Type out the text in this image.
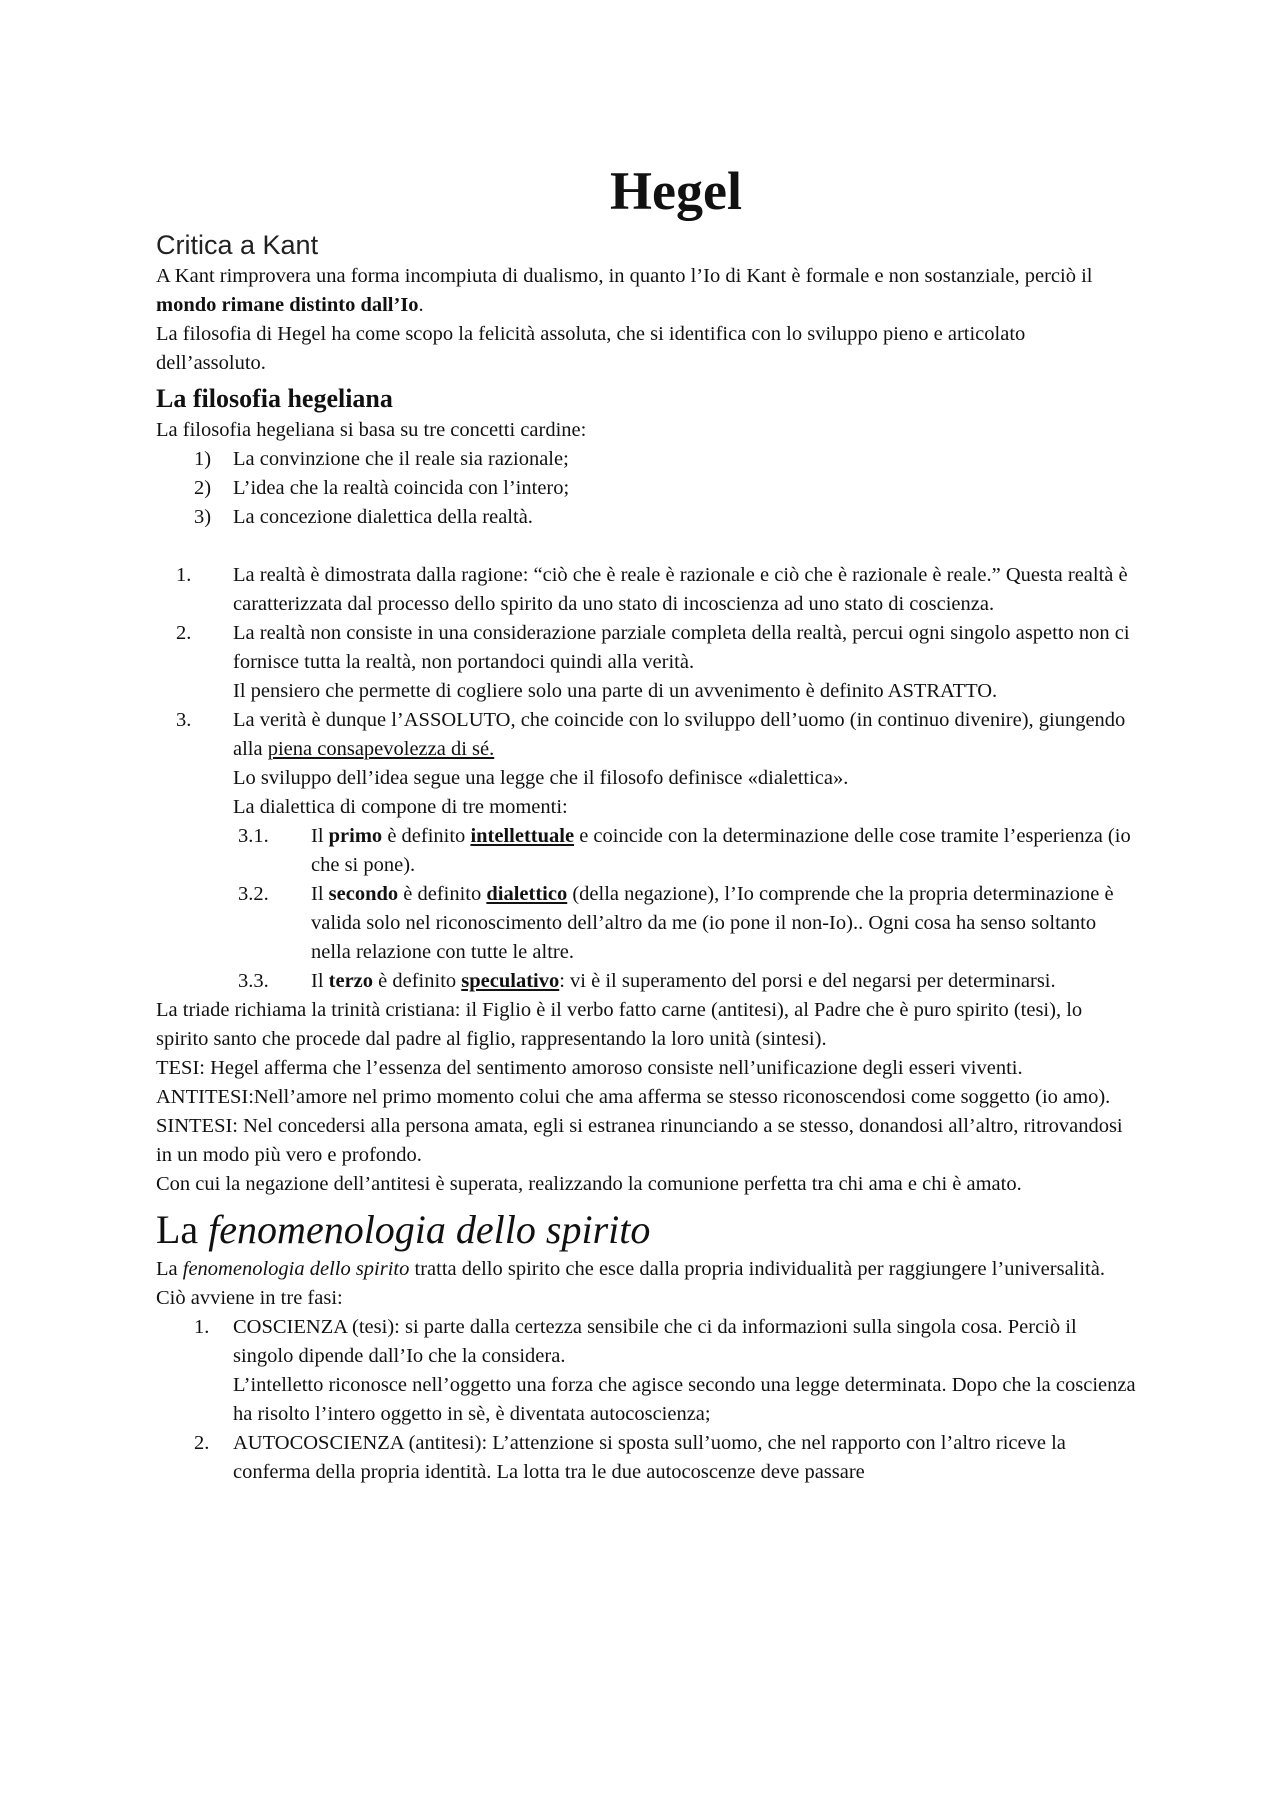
Hegel
Critica a Kant

A Kant rimprovera una forma incompiuta di dualismo, in quanto l’Io di Kant è formale e non sostanziale, perciò il mondo rimane distinto dall’Io.

La filosofia di Hegel ha come scopo la felicità assoluta, che si identifica con lo sviluppo pieno e articolato dell’assoluto.

La filosofia hegeliana

La filosofia hegeliana si basa su tre concetti cardine:

1) La convinzione che il reale sia razionale;
2) L’idea che la realtà coincida con l’intero;
3) La concezione dialettica della realtà.
1. La realtà è dimostrata dalla ragione: “ciò che è reale è razionale e ciò che è razionale è reale.” Questa realtà è caratterizzata dal processo dello spirito da uno stato di incoscienza ad uno stato di coscienza.

2. La realtà non consiste in una considerazione parziale completa della realtà, percui ogni singolo aspetto non ci fornisce tutta la realtà, non portandoci quindi alla verità.

Il pensiero che permette di cogliere solo una parte di un avvenimento è definito ASTRATTO.

3. La verità è dunque l’ASSOLUTO, che coincide con lo sviluppo dell’uomo (in continuo divenire), giungendo alla piena consapevolezza di sé.

Lo sviluppo dell’idea segue una legge che il filosofo definisce «dialettica».

La dialettica di compone di tre momenti:

3.1. Il primo è definito intellettuale e coincide con la determinazione delle cose tramite l’esperienza (io che si pone).

3.2. Il secondo è definito dialettico (della negazione), l’Io comprende che la propria determinazione è valida solo nel riconoscimento dell’altro da me (io pone il non-Io).. Ogni cosa ha senso soltanto nella relazione con tutte le altre.

3.3. Il terzo è definito speculativo: vi è il superamento del porsi e del negarsi per determinarsi.

La triade richiama la trinità cristiana: il Figlio è il verbo fatto carne (antitesi), al Padre che è puro spirito (tesi), lo spirito santo che procede dal padre al figlio, rappresentando la loro unità (sintesi).

TESI: Hegel afferma che l’essenza del sentimento amoroso consiste nell’unificazione degli esseri viventi.

ANTITESI:Nell’amore nel primo momento colui che ama afferma se stesso riconoscendosi come soggetto (io amo).

SINTESI: Nel concedersi alla persona amata, egli si estranea rinunciando a se stesso, donandosi all’altro, ritrovandosi in un modo più vero e profondo.

Con cui la negazione dell’antitesi è superata, realizzando la comunione perfetta tra chi ama e chi è amato.

La fenomenologia dello spirito

La fenomenologia dello spirito tratta dello spirito che esce dalla propria individualità per raggiungere l’universalità. Ciò avviene in tre fasi:

1. COSCIENZA (tesi): si parte dalla certezza sensibile che ci da informazioni sulla singola cosa. Perciò il singolo dipende dall’Io che la considera.

L’intelletto riconosce nell’oggetto una forza che agisce secondo una legge determinata. Dopo che la coscienza ha risolto l’intero oggetto in sè, è diventata autocoscienza;

2. AUTOCOSCIENZA (antitesi): L’attenzione si sposta sull’uomo, che nel rapporto con l’altro riceve la conferma della propria identità. La lotta tra le due autocoscenze deve passare
